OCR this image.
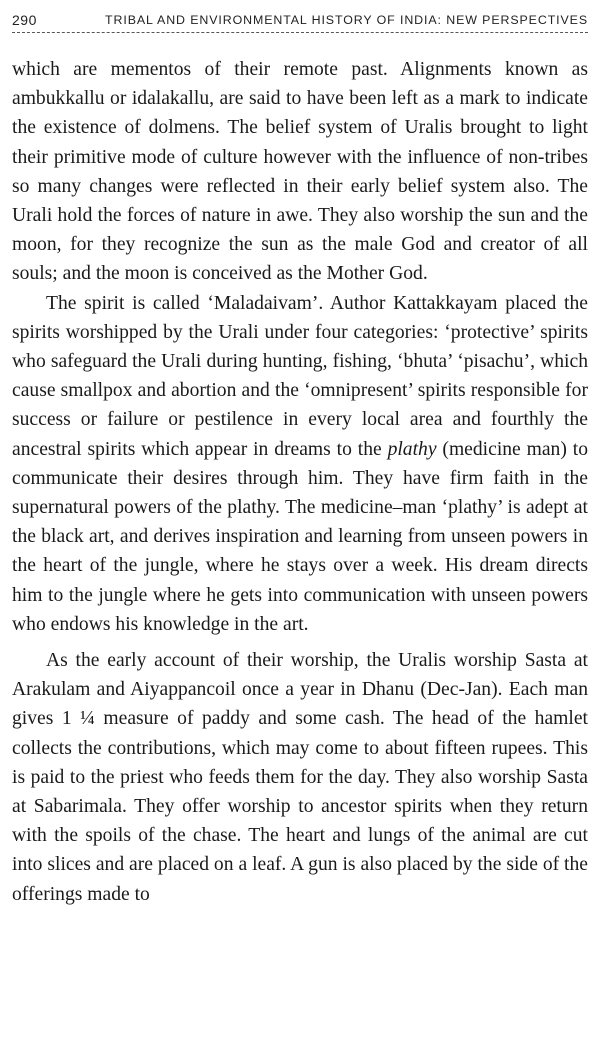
290	TRIBAL AND ENVIRONMENTAL HISTORY OF INDIA: NEW PERSPECTIVES

which are mementos of their remote past. Alignments known as ambukkallu or idalakallu, are said to have been left as a mark to indicate the existence of dolmens. The belief system of Uralis brought to light their primitive mode of culture however with the influence of non-tribes so many changes were reflected in their early belief system also. The Urali hold the forces of nature in awe. They also worship the sun and the moon, for they recognize the sun as the male God and creator of all souls; and the moon is conceived as the Mother God.

The spirit is called ‘Maladaivam’. Author Kattakkayam placed the spirits worshipped by the Urali under four categories: ‘protective’ spirits who safeguard the Urali during hunting, fishing, ‘bhuta’ ‘pisachu’, which cause smallpox and abortion and the ‘omnipresent’ spirits responsible for success or failure or pestilence in every local area and fourthly the ancestral spirits which appear in dreams to the plathy (medicine man) to communicate their desires through him. They have firm faith in the supernatural powers of the plathy. The medicine–man ‘plathy’ is adept at the black art, and derives inspiration and learning from unseen powers in the heart of the jungle, where he stays over a week. His dream directs him to the jungle where he gets into communication with unseen powers who endows his knowledge in the art.

As the early account of their worship, the Uralis worship Sasta at Arakulam and Aiyappancoil once a year in Dhanu (Dec-Jan). Each man gives 1 ¼ measure of paddy and some cash. The head of the hamlet collects the contributions, which may come to about fifteen rupees. This is paid to the priest who feeds them for the day. They also worship Sasta at Sabarimala. They offer worship to ancestor spirits when they return with the spoils of the chase. The heart and lungs of the animal are cut into slices and are placed on a leaf. A gun is also placed by the side of the offerings made to
